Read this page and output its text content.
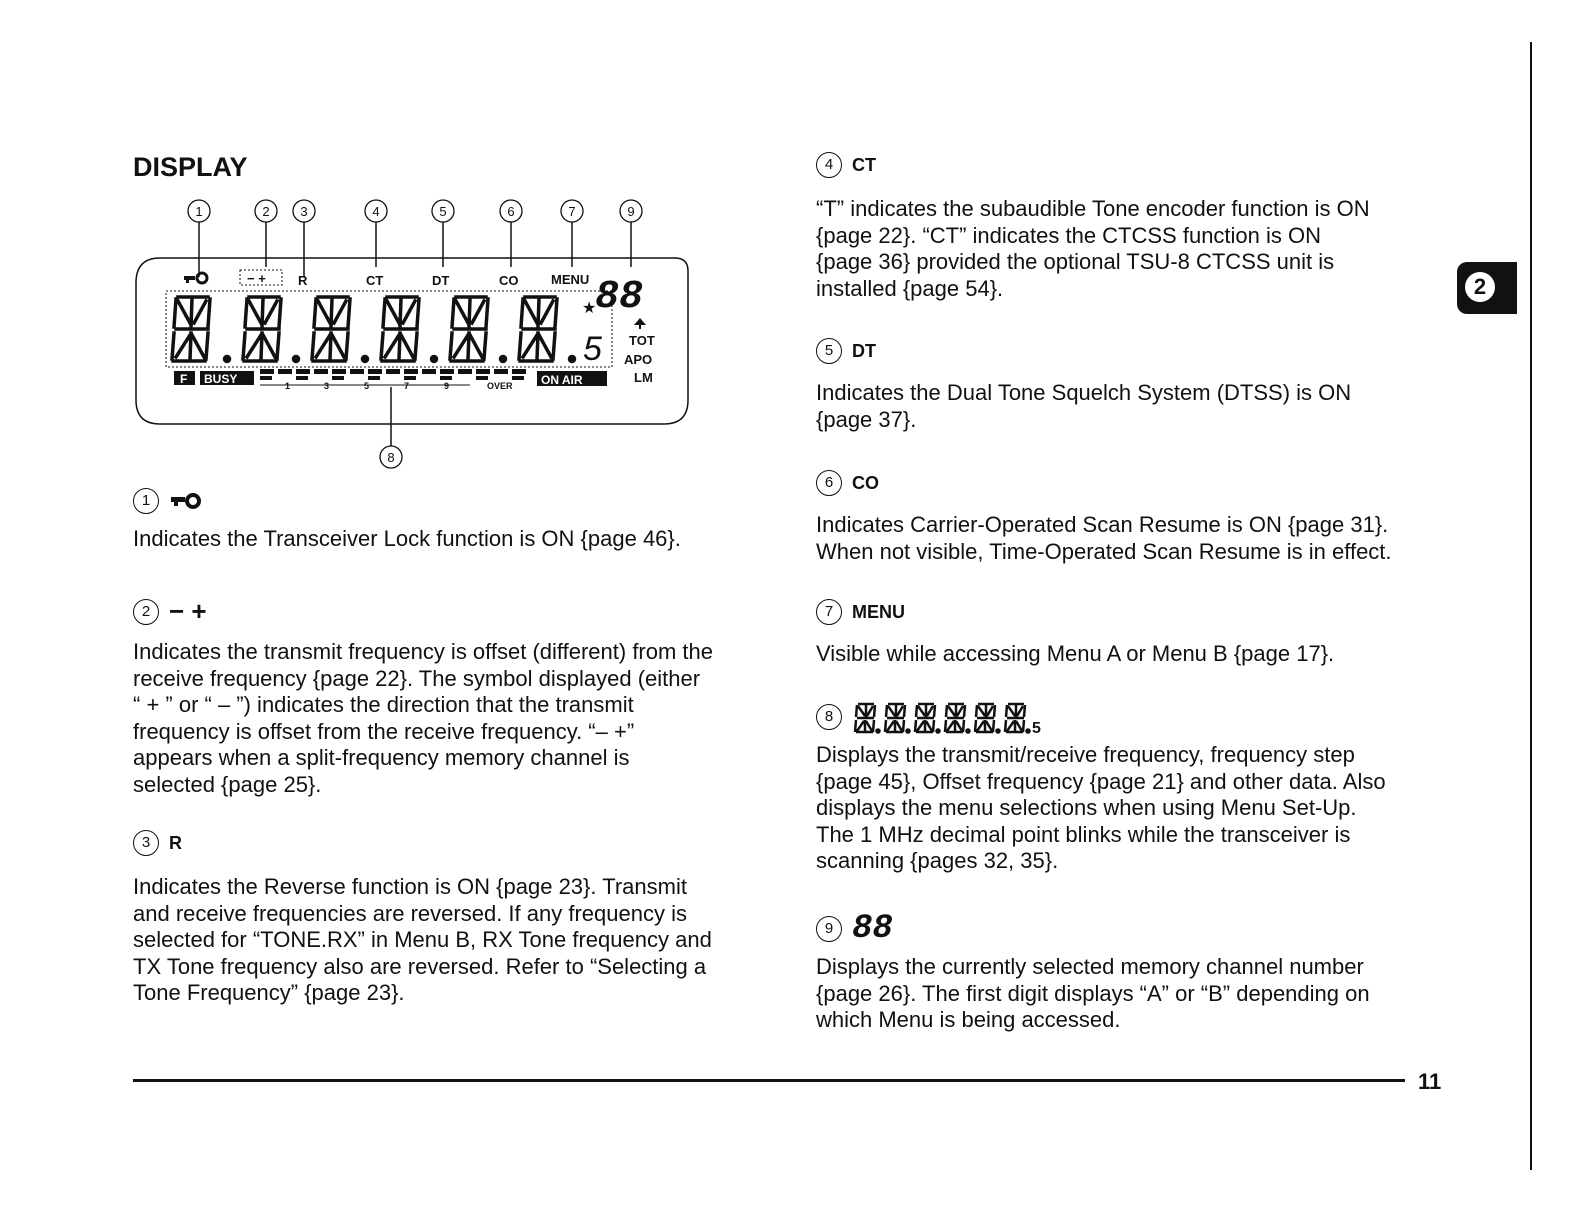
DISPLAY
1	2 3	4	5	6	7	9
8
− + R	CT	DT	CO	MENU 88
★
5 TOT
APO
LM
F BUSY	1	3	5	7	9	OVER ON AIR
1
Indicates the Transceiver Lock function is ON {page 46}.
2 − +
Indicates the transmit frequency is offset (different) from the
receive frequency {page 22}. The symbol displayed (either
“ + ” or “ – ”) indicates the direction that the transmit
frequency is offset from the receive frequency. “– +”
appears when a split-frequency memory channel is
selected {page 25}.
3	R
Indicates the Reverse function is ON {page 23}. Transmit
and receive frequencies are reversed. If any frequency is
selected for “TONE.RX” in Menu B, RX Tone frequency and
TX Tone frequency also are reversed. Refer to “Selecting a
Tone Frequency” {page 23}.
4	CT
“T” indicates the subaudible Tone encoder function is ON
{page 22}. “CT” indicates the CTCSS function is ON
{page 36} provided the optional TSU-8 CTCSS unit is
installed {page 54}.
5	DT
Indicates the Dual Tone Squelch System (DTSS) is ON
{page 37}.
6	CO
Indicates Carrier-Operated Scan Resume is ON {page 31}.
When not visible, Time-Operated Scan Resume is in effect.
7	MENU
Visible while accessing Menu A or Menu B {page 17}.
8
5
Displays the transmit/receive frequency, frequency step
{page 45}, Offset frequency {page 21} and other data. Also
displays the menu selections when using Menu Set-Up.
The 1 MHz decimal point blinks while the transceiver is
scanning {pages 32, 35}.
9 88
Displays the currently selected memory channel number
{page 26}. The first digit displays “A” or “B” depending on
which Menu is being accessed.
2
11
